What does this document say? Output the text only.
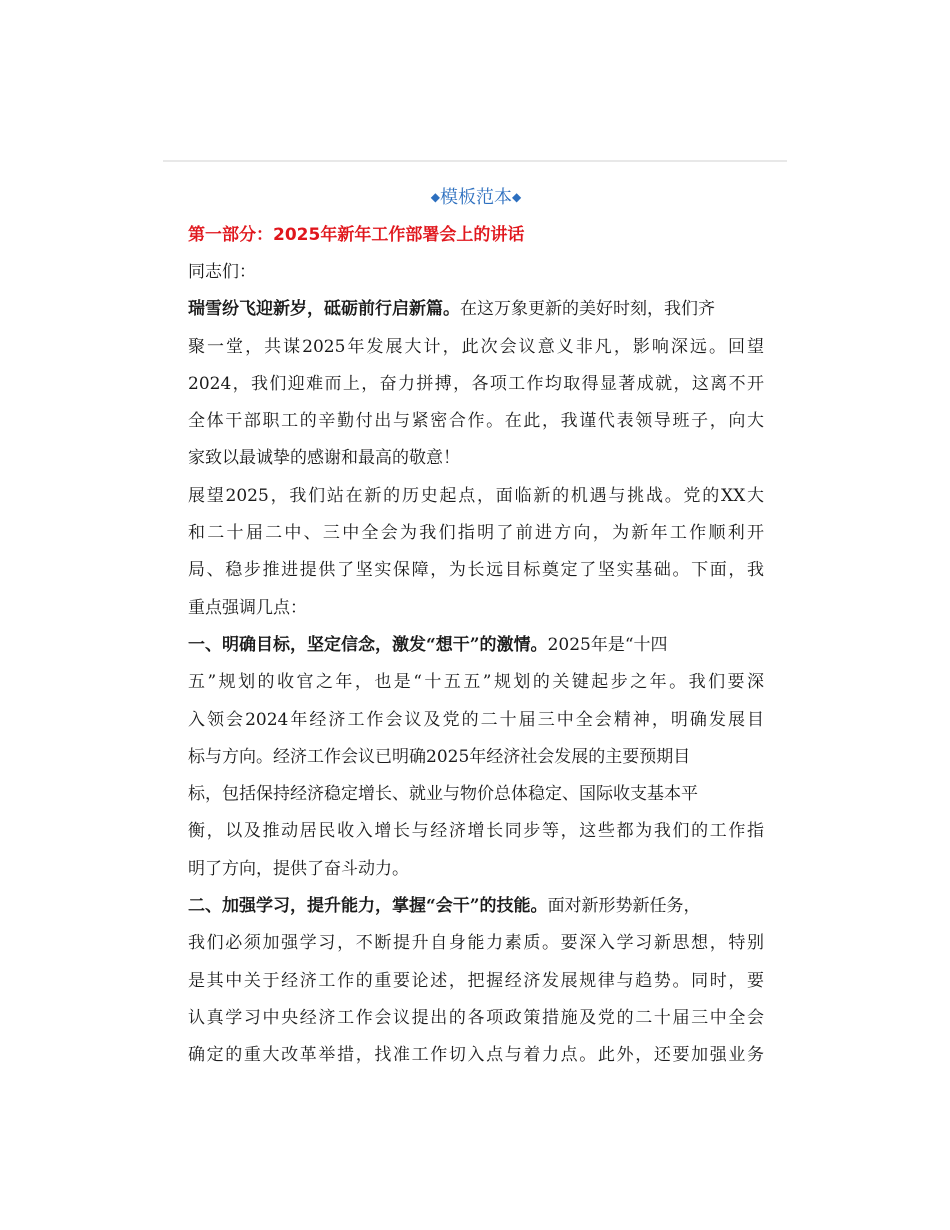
◆模板范本◆
第一部分：2025年新年工作部署会上的讲话
同志们：
瑞雪纷飞迎新岁，砥砺前行启新篇。在这万象更新的美好时刻，我们齐
聚一堂，共谋2025年发展大计，此次会议意义非凡，影响深远。回望
2024，我们迎难而上，奋力拼搏，各项工作均取得显著成就，这离不开
全体干部职工的辛勤付出与紧密合作。在此，我谨代表领导班子，向大
家致以最诚挚的感谢和最高的敬意！
展望2025，我们站在新的历史起点，面临新的机遇与挑战。党的XX大
和二十届二中、三中全会为我们指明了前进方向，为新年工作顺利开
局、稳步推进提供了坚实保障，为长远目标奠定了坚实基础。下面，我
重点强调几点：
一、明确目标，坚定信念，激发“想干”的激情。2025年是“十四
五”规划的收官之年，也是“十五五”规划的关键起步之年。我们要深
入领会2024年经济工作会议及党的二十届三中全会精神，明确发展目
标与方向。经济工作会议已明确2025年经济社会发展的主要预期目
标，包括保持经济稳定增长、就业与物价总体稳定、国际收支基本平
衡，以及推动居民收入增长与经济增长同步等，这些都为我们的工作指
明了方向，提供了奋斗动力。
二、加强学习，提升能力，掌握“会干”的技能。面对新形势新任务，
我们必须加强学习，不断提升自身能力素质。要深入学习新思想，特别
是其中关于经济工作的重要论述，把握经济发展规律与趋势。同时，要
认真学习中央经济工作会议提出的各项政策措施及党的二十届三中全会
确定的重大改革举措，找准工作切入点与着力点。此外，还要加强业务
